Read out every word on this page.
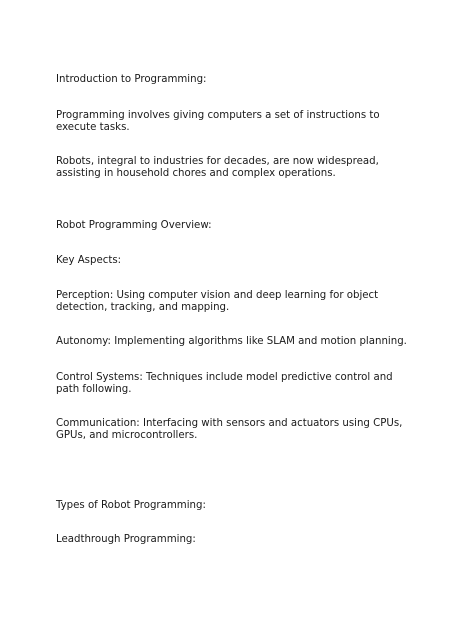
Introduction to Programming:

Programming involves giving computers a set of instructions to execute tasks.

Robots, integral to industries for decades, are now widespread, assisting in household chores and complex operations.

Robot Programming Overview:

Key Aspects:

Perception: Using computer vision and deep learning for object detection, tracking, and mapping.

Autonomy: Implementing algorithms like SLAM and motion planning.

Control Systems: Techniques include model predictive control and path following.

Communication: Interfacing with sensors and actuators using CPUs, GPUs, and microcontrollers.

Types of Robot Programming:

Leadthrough Programming:
